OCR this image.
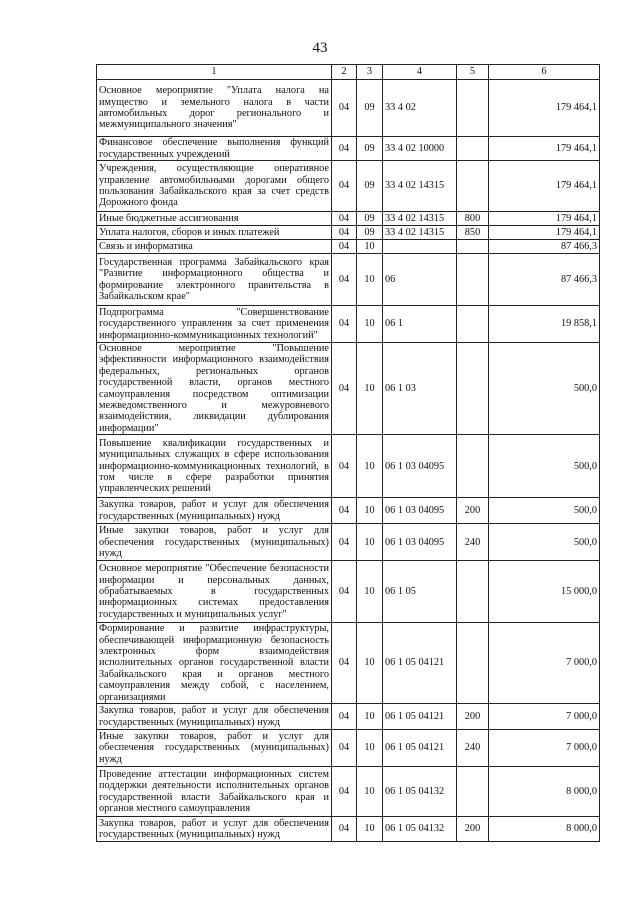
43
1	2	3	4	5	6
Основное мероприятие "Уплата налога на имущество и земельного налога в части автомобильных дорог регионального и межмуниципального значения"	04	09	33 4 02		179 464,1
Финансовое обеспечение выполнения функций государственных учреждений	04	09	33 4 02 10000		179 464,1
Учреждения, осуществляющие оперативное управление автомобильными дорогами общего пользования Забайкальского края за счет средств Дорожного фонда	04	09	33 4 02 14315		179 464,1
Иные бюджетные ассигнования	04	09	33 4 02 14315	800	179 464,1
Уплата налогов, сборов и иных платежей	04	09	33 4 02 14315	850	179 464,1
Связь и информатика	04	10			87 466,3
Государственная программа Забайкальского края "Развитие информационного общества и формирование электронного правительства в Забайкальском крае"	04	10	06		87 466,3
Подпрограмма "Совершенствование государственного управления за счет применения информационно-коммуникационных технологий"	04	10	06 1		19 858,1
Основное мероприятие "Повышение эффективности информационного взаимодействия федеральных, региональных органов государственной власти, органов местного самоуправления посредством оптимизации межведомственного и межуровневого взаимодействия, ликвидации дублирования информации"	04	10	06 1 03		500,0
Повышение квалификации государственных и муниципальных служащих в сфере использования информационно-коммуникационных технологий, в том числе в сфере разработки принятия управленческих решений	04	10	06 1 03 04095		500,0
Закупка товаров, работ и услуг для обеспечения государственных (муниципальных) нужд	04	10	06 1 03 04095	200	500,0
Иные закупки товаров, работ и услуг для обеспечения государственных (муниципальных) нужд	04	10	06 1 03 04095	240	500,0
Основное мероприятие "Обеспечение безопасности информации и персональных данных, обрабатываемых в государственных информационных системах предоставления государственных и муниципальных услуг"	04	10	06 1 05		15 000,0
Формирование и развитие инфраструктуры, обеспечивающей информационную безопасность электронных форм взаимодействия исполнительных органов государственной власти Забайкальского края и органов местного самоуправления между собой, с населением, организациями	04	10	06 1 05 04121		7 000,0
Закупка товаров, работ и услуг для обеспечения государственных (муниципальных) нужд	04	10	06 1 05 04121	200	7 000,0
Иные закупки товаров, работ и услуг для обеспечения государственных (муниципальных) нужд	04	10	06 1 05 04121	240	7 000,0
Проведение аттестации информационных систем поддержки деятельности исполнительных органов государственной власти Забайкальского края и органов местного самоуправления	04	10	06 1 05 04132		8 000,0
Закупка товаров, работ и услуг для обеспечения государственных (муниципальных) нужд	04	10	06 1 05 04132	200	8 000,0
